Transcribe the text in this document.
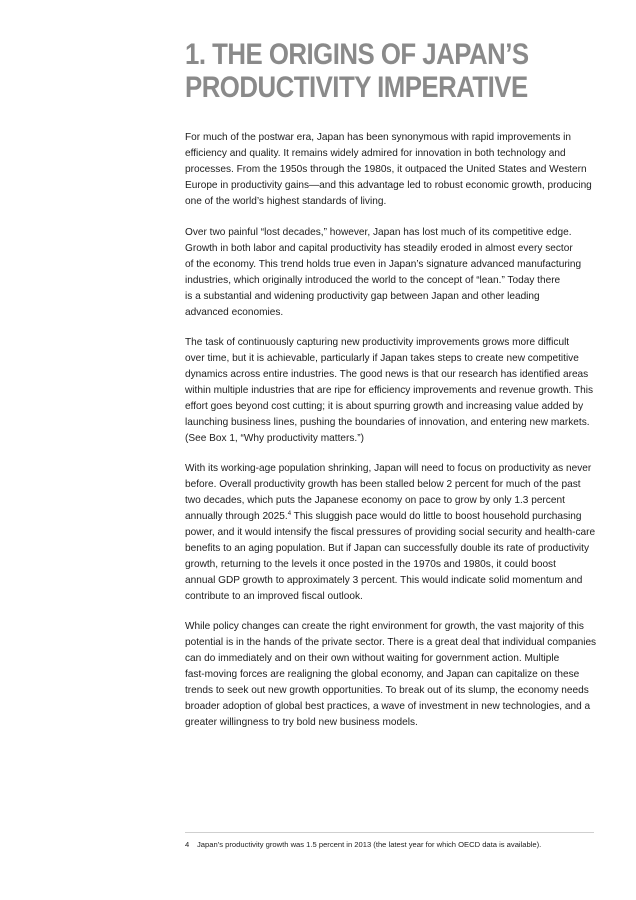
1. THE ORIGINS OF JAPAN’S
PRODUCTIVITY IMPERATIVE

For much of the postwar era, Japan has been synonymous with rapid improvements in
efficiency and quality. It remains widely admired for innovation in both technology and
processes. From the 1950s through the 1980s, it outpaced the United States and Western
Europe in productivity gains—and this advantage led to robust economic growth, producing
one of the world’s highest standards of living.

Over two painful “lost decades,” however, Japan has lost much of its competitive edge.
Growth in both labor and capital productivity has steadily eroded in almost every sector
of the economy. This trend holds true even in Japan’s signature advanced manufacturing
industries, which originally introduced the world to the concept of “lean.” Today there
is a substantial and widening productivity gap between Japan and other leading
advanced economies.

The task of continuously capturing new productivity improvements grows more difficult
over time, but it is achievable, particularly if Japan takes steps to create new competitive
dynamics across entire industries. The good news is that our research has identified areas
within multiple industries that are ripe for efficiency improvements and revenue growth. This
effort goes beyond cost cutting; it is about spurring growth and increasing value added by
launching business lines, pushing the boundaries of innovation, and entering new markets.
(See Box 1, “Why productivity matters.”)

With its working-age population shrinking, Japan will need to focus on productivity as never
before. Overall productivity growth has been stalled below 2 percent for much of the past
two decades, which puts the Japanese economy on pace to grow by only 1.3 percent
annually through 2025.$^4$ This sluggish pace would do little to boost household purchasing
power, and it would intensify the fiscal pressures of providing social security and health-care
benefits to an aging population. But if Japan can successfully double its rate of productivity
growth, returning to the levels it once posted in the 1970s and 1980s, it could boost
annual GDP growth to approximately 3 percent. This would indicate solid momentum and
contribute to an improved fiscal outlook.

While policy changes can create the right environment for growth, the vast majority of this
potential is in the hands of the private sector. There is a great deal that individual companies
can do immediately and on their own without waiting for government action. Multiple
fast-moving forces are realigning the global economy, and Japan can capitalize on these
trends to seek out new growth opportunities. To break out of its slump, the economy needs
broader adoption of global best practices, a wave of investment in new technologies, and a
greater willingness to try bold new business models.

4 Japan’s productivity growth was 1.5 percent in 2013 (the latest year for which OECD data is available).
